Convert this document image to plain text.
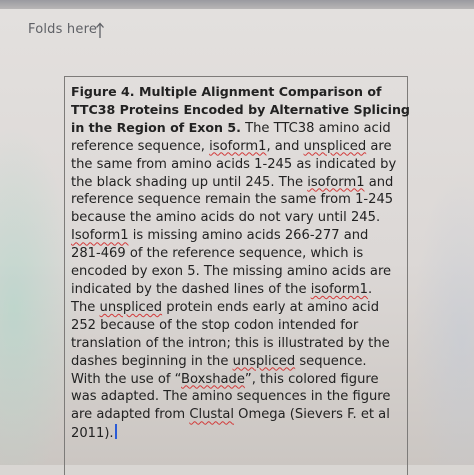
Folds here
Figure 4. Multiple Alignment Comparison of
TTC38 Proteins Encoded by Alternative Splicing
in the Region of Exon 5. The TTC38 amino acid
reference sequence, isoform1, and unspliced are
the same from amino acids 1-245 as indicated by
the black shading up until 245. The isoform1 and
reference sequence remain the same from 1-245
because the amino acids do not vary until 245.
Isoform1 is missing amino acids 266-277 and
281-469 of the reference sequence, which is
encoded by exon 5. The missing amino acids are
indicated by the dashed lines of the isoform1.
The unspliced protein ends early at amino acid
252 because of the stop codon intended for
translation of the intron; this is illustrated by the
dashes beginning in the unspliced sequence.
With the use of “Boxshade”, this colored figure
was adapted. The amino sequences in the figure
are adapted from Clustal Omega (Sievers F. et al
2011).
